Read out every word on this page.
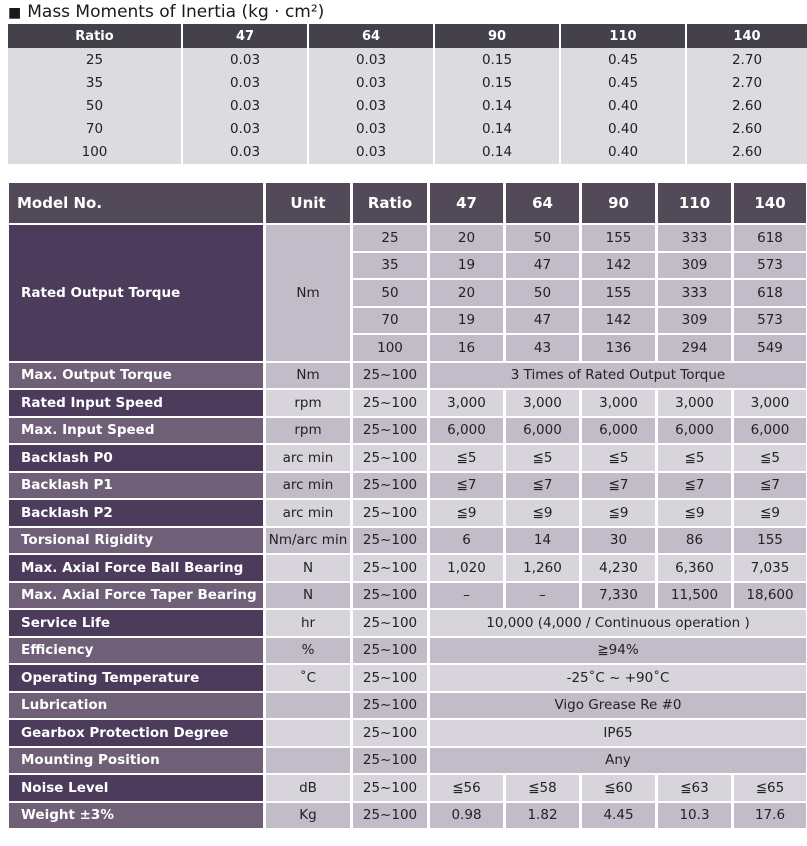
■ Mass Moments of Inertia (kg · cm²)
Ratio	47	64	90	110	140
25	0.03	0.03	0.15	0.45	2.70
35	0.03	0.03	0.15	0.45	2.70
50	0.03	0.03	0.14	0.40	2.60
70	0.03	0.03	0.14	0.40	2.60
100	0.03	0.03	0.14	0.40	2.60
Model No.	Unit	Ratio	47	64	90	110	140
Rated Output Torque	Nm	25	20	50	155	333	618
		35	19	47	142	309	573
		50	20	50	155	333	618
		70	19	47	142	309	573
		100	16	43	136	294	549
Max. Output Torque	Nm	25~100	3 Times of Rated Output Torque				
Rated Input Speed	rpm	25~100	3,000	3,000	3,000	3,000	3,000
Max. Input Speed	rpm	25~100	6,000	6,000	6,000	6,000	6,000
Backlash P0	arc min	25~100	≦5	≦5	≦5	≦5	≦5
Backlash P1	arc min	25~100	≦7	≦7	≦7	≦7	≦7
Backlash P2	arc min	25~100	≦9	≦9	≦9	≦9	≦9
Torsional Rigidity	Nm/arc min	25~100	6	14	30	86	155
Max. Axial Force Ball Bearing	N	25~100	1,020	1,260	4,230	6,360	7,035
Max. Axial Force Taper Bearing	N	25~100	–	–	7,330	11,500	18,600
Service Life	hr	25~100	10,000 (4,000 / Continuous operation )				
Efficiency	%	25~100	≧94%				
Operating Temperature	˚C	25~100	-25˚C ~ +90˚C				
Lubrication		25~100	Vigo Grease Re #0				
Gearbox Protection Degree		25~100	IP65				
Mounting Position		25~100	Any				
Noise Level	dB	25~100	≦56	≦58	≦60	≦63	≦65
Weight ±3%	Kg	25~100	0.98	1.82	4.45	10.3	17.6
